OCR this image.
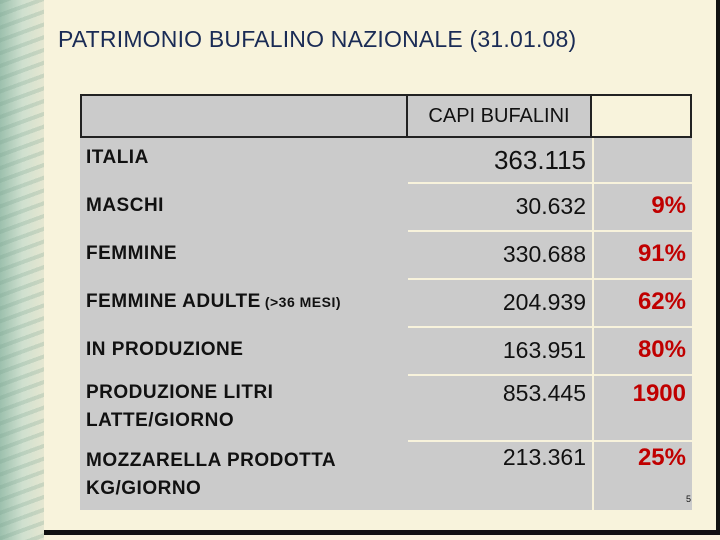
PATRIMONIO BUFALINO NAZIONALE (31.01.08)
CAPI BUFALINI
ITALIA	363.115
MASCHI	30.632	9%
FEMMINE	330.688	91%
FEMMINE ADULTE (>36 MESI)	204.939	62%
IN PRODUZIONE	163.951	80%
PRODUZIONE LITRI
LATTE/GIORNO
853.445	1900
MOZZARELLA PRODOTTA
KG/GIORNO
213.361	25%
5
